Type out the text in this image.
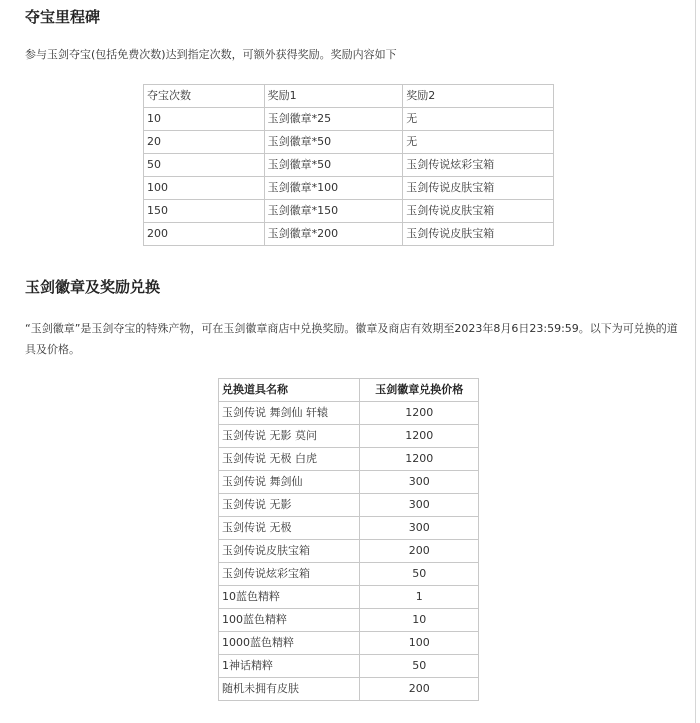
夺宝里程碑

参与玉剑夺宝(包括免费次数)达到指定次数，可额外获得奖励。奖励内容如下

夺宝次数	奖励1	奖励2
10	玉剑徽章*25	无
20	玉剑徽章*50	无
50	玉剑徽章*50	玉剑传说炫彩宝箱
100	玉剑徽章*100	玉剑传说皮肤宝箱
150	玉剑徽章*150	玉剑传说皮肤宝箱
200	玉剑徽章*200	玉剑传说皮肤宝箱
玉剑徽章及奖励兑换

“玉剑徽章”是玉剑夺宝的特殊产物，可在玉剑徽章商店中兑换奖励。徽章及商店有效期至2023年8月6日23:59:59。以下为可兑换的道具及价格。

兑换道具名称	玉剑徽章兑换价格
玉剑传说 舞剑仙 轩辕	1200
玉剑传说 无影 莫问	1200
玉剑传说 无极 白虎	1200
玉剑传说 舞剑仙	300
玉剑传说 无影	300
玉剑传说 无极	300
玉剑传说皮肤宝箱	200
玉剑传说炫彩宝箱	50
10蓝色精粹	1
100蓝色精粹	10
1000蓝色精粹	100
1神话精粹	50
随机未拥有皮肤	200
